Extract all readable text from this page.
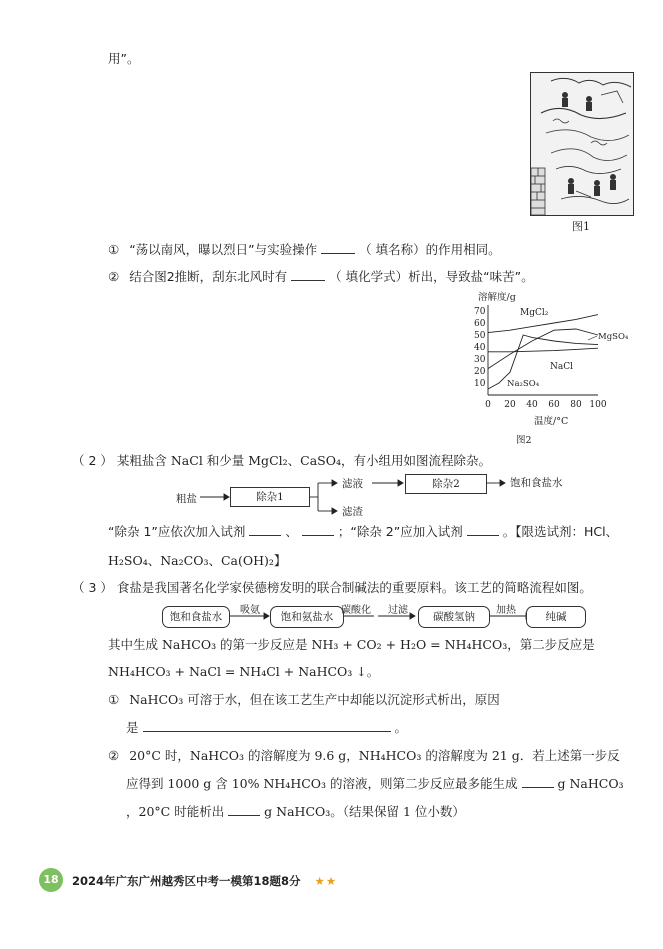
用”。
图1
① “荡以南风，曝以烈日”与实验操作	（ 填名称）的作用相同。
② 结合图2推断，刮东北风时有	（ 填化学式）析出，导致盐“味苦”。
溶解度/g
10
20
30
40
50
60
70
0 20 40 60 80 100
MgCl₂
MgSO₄
NaCl
Na₂SO₄
温度/°C
图2
（ 2 ） 某粗盐含 NaCl 和少量 MgCl₂、CaSO₄，有小组用如图流程除杂。
粗盐	除杂1
滤液
滤渣
除杂2	饱和食盐水
“除杂 1”应依次加入试剂	、	；“除杂 2”应加入试剂	。【限选试剂：HCl、
H₂SO₄、Na₂CO₃、Ca(OH)₂】
（ 3 ） 食盐是我国著名化学家侯德榜发明的联合制碱法的重要原料。该工艺的简略流程如图。
饱和食盐水
吸氨
饱和氨盐水
碳酸化 过滤
碳酸氢钠
加热
纯碱
其中生成 NaHCO₃ 的第一步反应是 NH₃ + CO₂ + H₂O = NH₄HCO₃，第二步反应是
NH₄HCO₃ + NaCl = NH₄Cl + NaHCO₃ ↓。
① NaHCO₃ 可溶于水，但在该工艺生产中却能以沉淀形式析出，原因
是	。
② 20°C 时，NaHCO₃ 的溶解度为 9.6 g，NH₄HCO₃ 的溶解度为 21 g．若上述第一步反
应得到 1000 g 含 10% NH₄HCO₃ 的溶液，则第二步反应最多能生成	g NaHCO₃
，20°C 时能析出	g NaHCO₃。（结果保留 1 位小数）
18	2024年广东广州越秀区中考一模第18题8分 ★★
